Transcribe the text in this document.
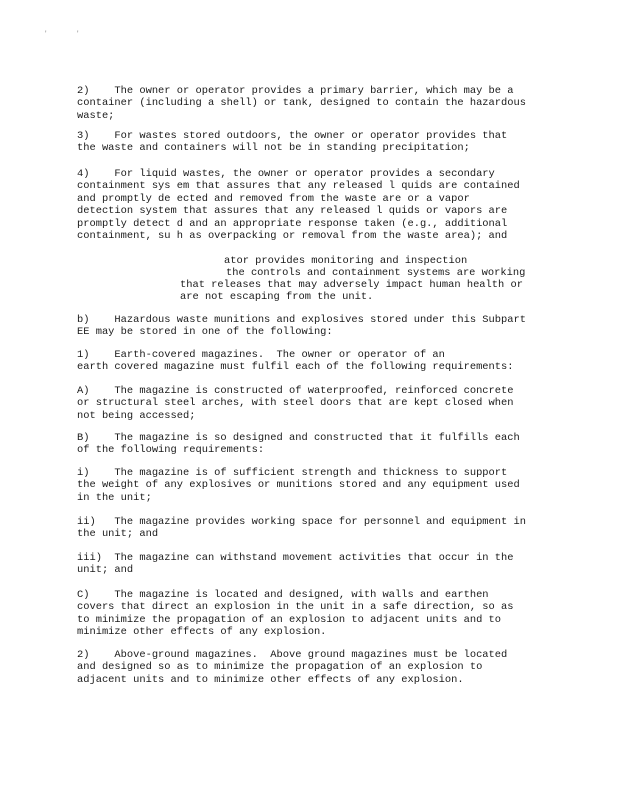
'	'

2)    The owner or operator provides a primary barrier, which may be a
container (including a shell) or tank, designed to contain the hazardous
waste;

3)    For wastes stored outdoors, the owner or operator provides that
the waste and containers will not be in standing precipitation;

4)    For liquid wastes, the owner or operator provides a secondary
containment sys em that assures that any released l quids are contained
and promptly de ected and removed from the waste are or a vapor
detection system that assures that any released l quids or vapors are
promptly detect d and an appropriate response taken (e.g., additional
containment, su h as overpacking or removal from the waste area); and

ator provides monitoring and inspection

the controls and containment systems are working

that releases that may adversely impact human health or

are not escaping from the unit.

b)    Hazardous waste munitions and explosives stored under this Subpart
EE may be stored in one of the following:

1)    Earth-covered magazines.  The owner or operator of an
earth covered magazine must fulfil each of the following requirements:

A)    The magazine is constructed of waterproofed, reinforced concrete
or structural steel arches, with steel doors that are kept closed when
not being accessed;

B)    The magazine is so designed and constructed that it fulfills each
of the following requirements:

i)    The magazine is of sufficient strength and thickness to support
the weight of any explosives or munitions stored and any equipment used
in the unit;

ii)   The magazine provides working space for personnel and equipment in
the unit; and

iii)  The magazine can withstand movement activities that occur in the
unit; and

C)    The magazine is located and designed, with walls and earthen
covers that direct an explosion in the unit in a safe direction, so as
to minimize the propagation of an explosion to adjacent units and to
minimize other effects of any explosion.

2)    Above-ground magazines.  Above ground magazines must be located
and designed so as to minimize the propagation of an explosion to
adjacent units and to minimize other effects of any explosion.
